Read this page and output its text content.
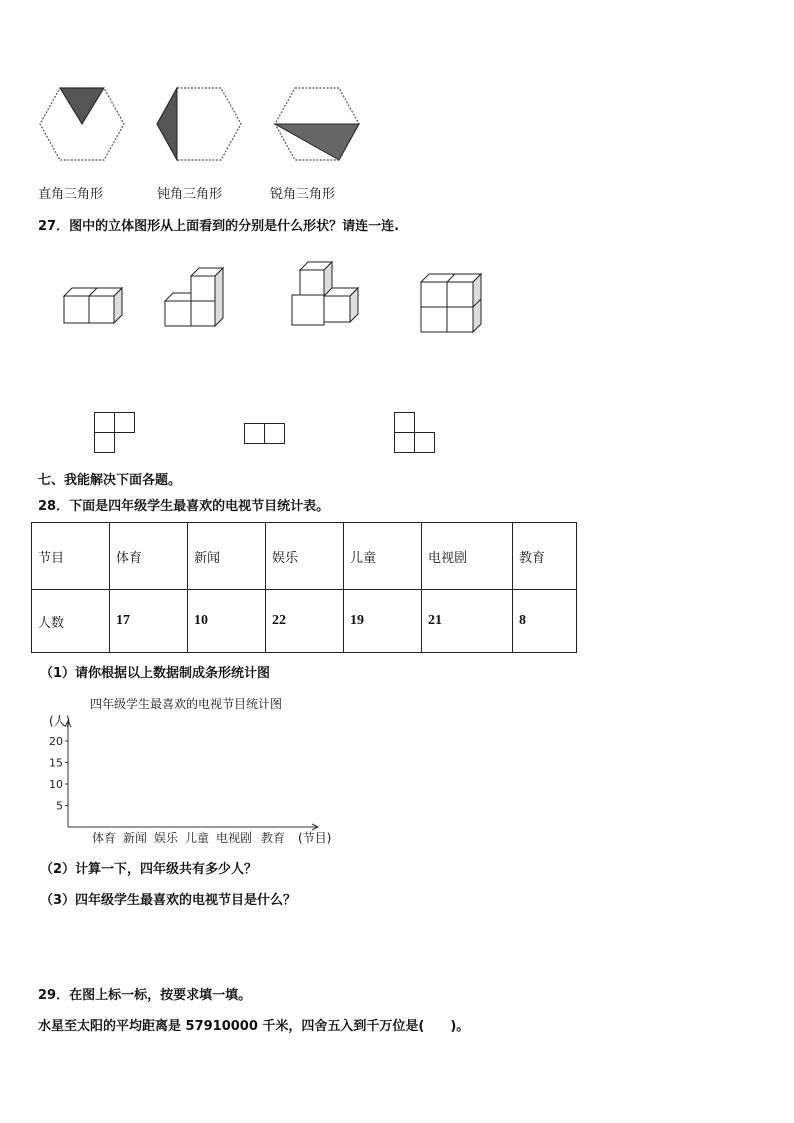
直角三角形	钝角三角形	锐角三角形
27．图中的立体图形从上面看到的分别是什么形状？请连一连.
七、我能解决下面各题。
28．下面是四年级学生最喜欢的电视节目统计表。
节目	体育	新闻	娱乐	儿童	电视剧	教育
人数	17	10	22	19	21	8
（1）请你根据以上数据制成条形统计图
四年级学生最喜欢的电视节目统计图
5
10
15
20
体育 新闻 娱乐 儿童 电视剧 教育
(人)
(节目)
（2）计算一下，四年级共有多少人？
（3）四年级学生最喜欢的电视节目是什么？
29．在图上标一标，按要求填一填。
水星至太阳的平均距离是 57910000 千米，四舍五入到千万位是(　　)。
